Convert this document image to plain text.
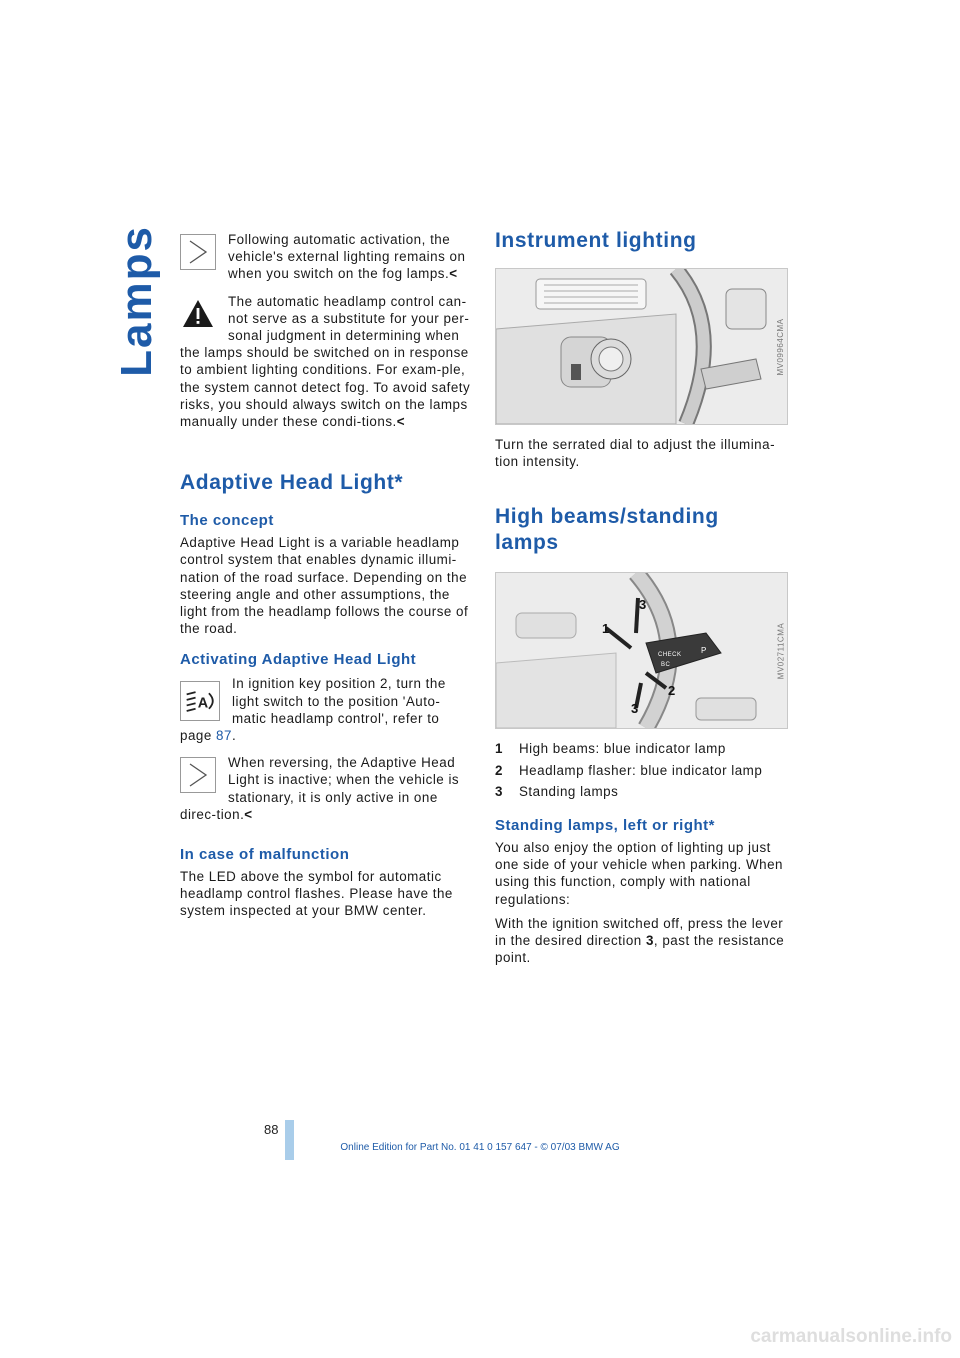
Lamps	Following automatic activation, the vehicle's external lighting remains on when you switch on the fog lamps.<

The automatic headlamp control can-not serve as a substitute for your per-sonal judgment in determining when the lamps should be switched on in response to ambient lighting conditions. For exam-ple, the system cannot detect fog. To avoid safety risks, you should always switch on the lamps manually under these condi-tions.<

Adaptive Head Light*
The concept

Adaptive Head Light is a variable headlamp control system that enables dynamic illumi-nation of the road surface. Depending on the steering angle and other assumptions, the light from the headlamp follows the course of the road.

Activating Adaptive Head Light
A

In ignition key position 2, turn the light switch to the position 'Auto-matic headlamp control', refer to page 87.

When reversing, the Adaptive Head Light is inactive; when the vehicle is stationary, it is only active in one direc-tion.<

In case of malfunction

The LED above the symbol for automatic headlamp control flashes. Please have the system inspected at your BMW center.

Instrument lighting
MV09964CMA

Turn the serrated dial to adjust the illumina-tion intensity.

High beams/standing lamps
CHECK
BC
P
1
2
3
3
MV02711CMA
1	High beams: blue indicator lamp
2	Headlamp flasher: blue indicator lamp
3	Standing lamps
Standing lamps, left or right*

You also enjoy the option of lighting up just one side of your vehicle when parking. When using this function, comply with national regulations:

With the ignition switched off, press the lever in the desired direction 3, past the resistance point.

88
Online Edition for Part No. 01 41 0 157 647 - © 07/03 BMW AG
carmanualsonline.info
